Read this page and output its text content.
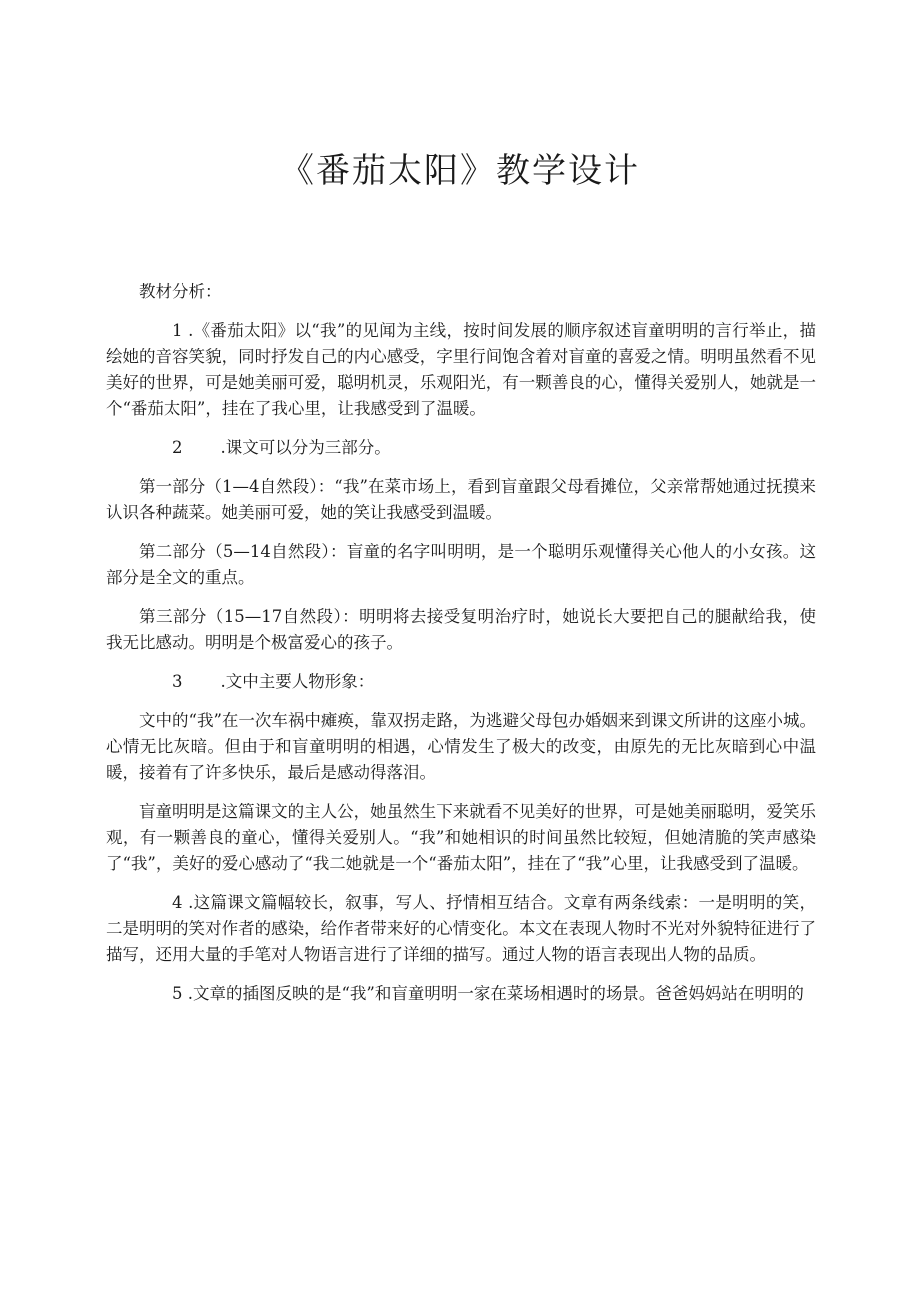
《番茄太阳》教学设计

教材分析：

1 .《番茄太阳》以“我”的见闻为主线，按时间发展的顺序叙述盲童明明的言行举止，描绘她的音容笑貌，同时抒发自己的内心感受，字里行间饱含着对盲童的喜爱之情。明明虽然看不见美好的世界，可是她美丽可爱，聪明机灵，乐观阳光，有一颗善良的心，懂得关爱别人，她就是一个“番茄太阳”，挂在了我心里，让我感受到了温暖。

2 .课文可以分为三部分。

第一部分（1—4自然段）：“我”在菜市场上，看到盲童跟父母看摊位，父亲常帮她通过抚摸来认识各种蔬菜。她美丽可爱，她的笑让我感受到温暖。

第二部分（5—14自然段）：盲童的名字叫明明，是一个聪明乐观懂得关心他人的小女孩。这部分是全文的重点。

第三部分（15—17自然段）：明明将去接受复明治疗时，她说长大要把自己的腿献给我，使我无比感动。明明是个极富爱心的孩子。

3 .文中主要人物形象：

文中的“我”在一次车祸中瘫痪，靠双拐走路，为逃避父母包办婚姻来到课文所讲的这座小城。心情无比灰暗。但由于和盲童明明的相遇，心情发生了极大的改变，由原先的无比灰暗到心中温暖，接着有了许多快乐，最后是感动得落泪。

盲童明明是这篇课文的主人公，她虽然生下来就看不见美好的世界，可是她美丽聪明，爱笑乐观，有一颗善良的童心，懂得关爱别人。“我”和她相识的时间虽然比较短，但她清脆的笑声感染了“我”，美好的爱心感动了“我二她就是一个“番茄太阳”，挂在了“我”心里，让我感受到了温暖。

4 .这篇课文篇幅较长，叙事，写人、抒情相互结合。文章有两条线索：一是明明的笑，二是明明的笑对作者的感染，给作者带来好的心情变化。本文在表现人物时不光对外貌特征进行了描写，还用大量的手笔对人物语言进行了详细的描写。通过人物的语言表现出人物的品质。

5 .文章的插图反映的是“我”和盲童明明一家在菜场相遇时的场景。爸爸妈妈站在明明的
